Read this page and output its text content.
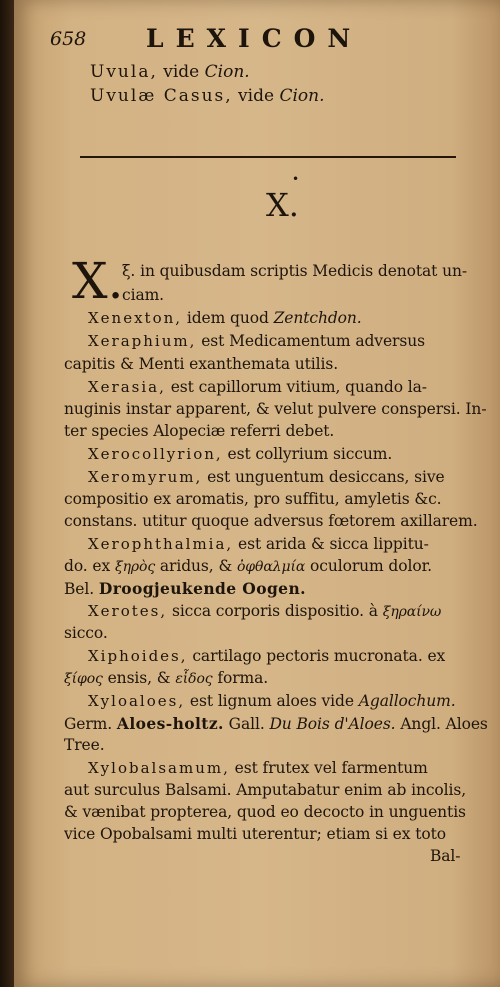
658 LEXICON
Uvula, vide Cion.
Uvulæ Casus, vide Cion.
•
X.
X.
ξ. in quibusdam scriptis Medicis denotat un-
ciam.
Xenexton, idem quod Zentchdon.
Xeraphium, est Medicamentum adversus
capitis & Menti exanthemata utilis.
Xerasia, est capillorum vitium, quando la-
nuginis instar apparent, & velut pulvere conspersi. In-
ter species Alopeciæ referri debet.
Xerocollyrion, est collyrium siccum.
Xeromyrum, est unguentum desiccans, sive
compositio ex aromatis, pro suffitu, amyletis &c.
constans. utitur quoque adversus fœtorem axillarem.
Xerophthalmia, est arida & sicca lippitu-
do. ex ξηρὸς aridus, & ὀφθαλμία oculorum dolor.
Bel. Droogjeukende Oogen.
Xerotes, sicca corporis dispositio. à ξηραίνω
sicco.
Xiphoides, cartilago pectoris mucronata. ex
ξίφος ensis, & εἶδος forma.
Xyloaloes, est lignum aloes vide Agallochum.
Germ. Aloes-holtz. Gall. Du Bois d'Aloes. Angl. Aloes
Tree.
Xylobalsamum, est frutex vel farmentum
aut surculus Balsami. Amputabatur enim ab incolis,
& vænibat propterea, quod eo decocto in unguentis
vice Opobalsami multi uterentur; etiam si ex toto
Bal-
